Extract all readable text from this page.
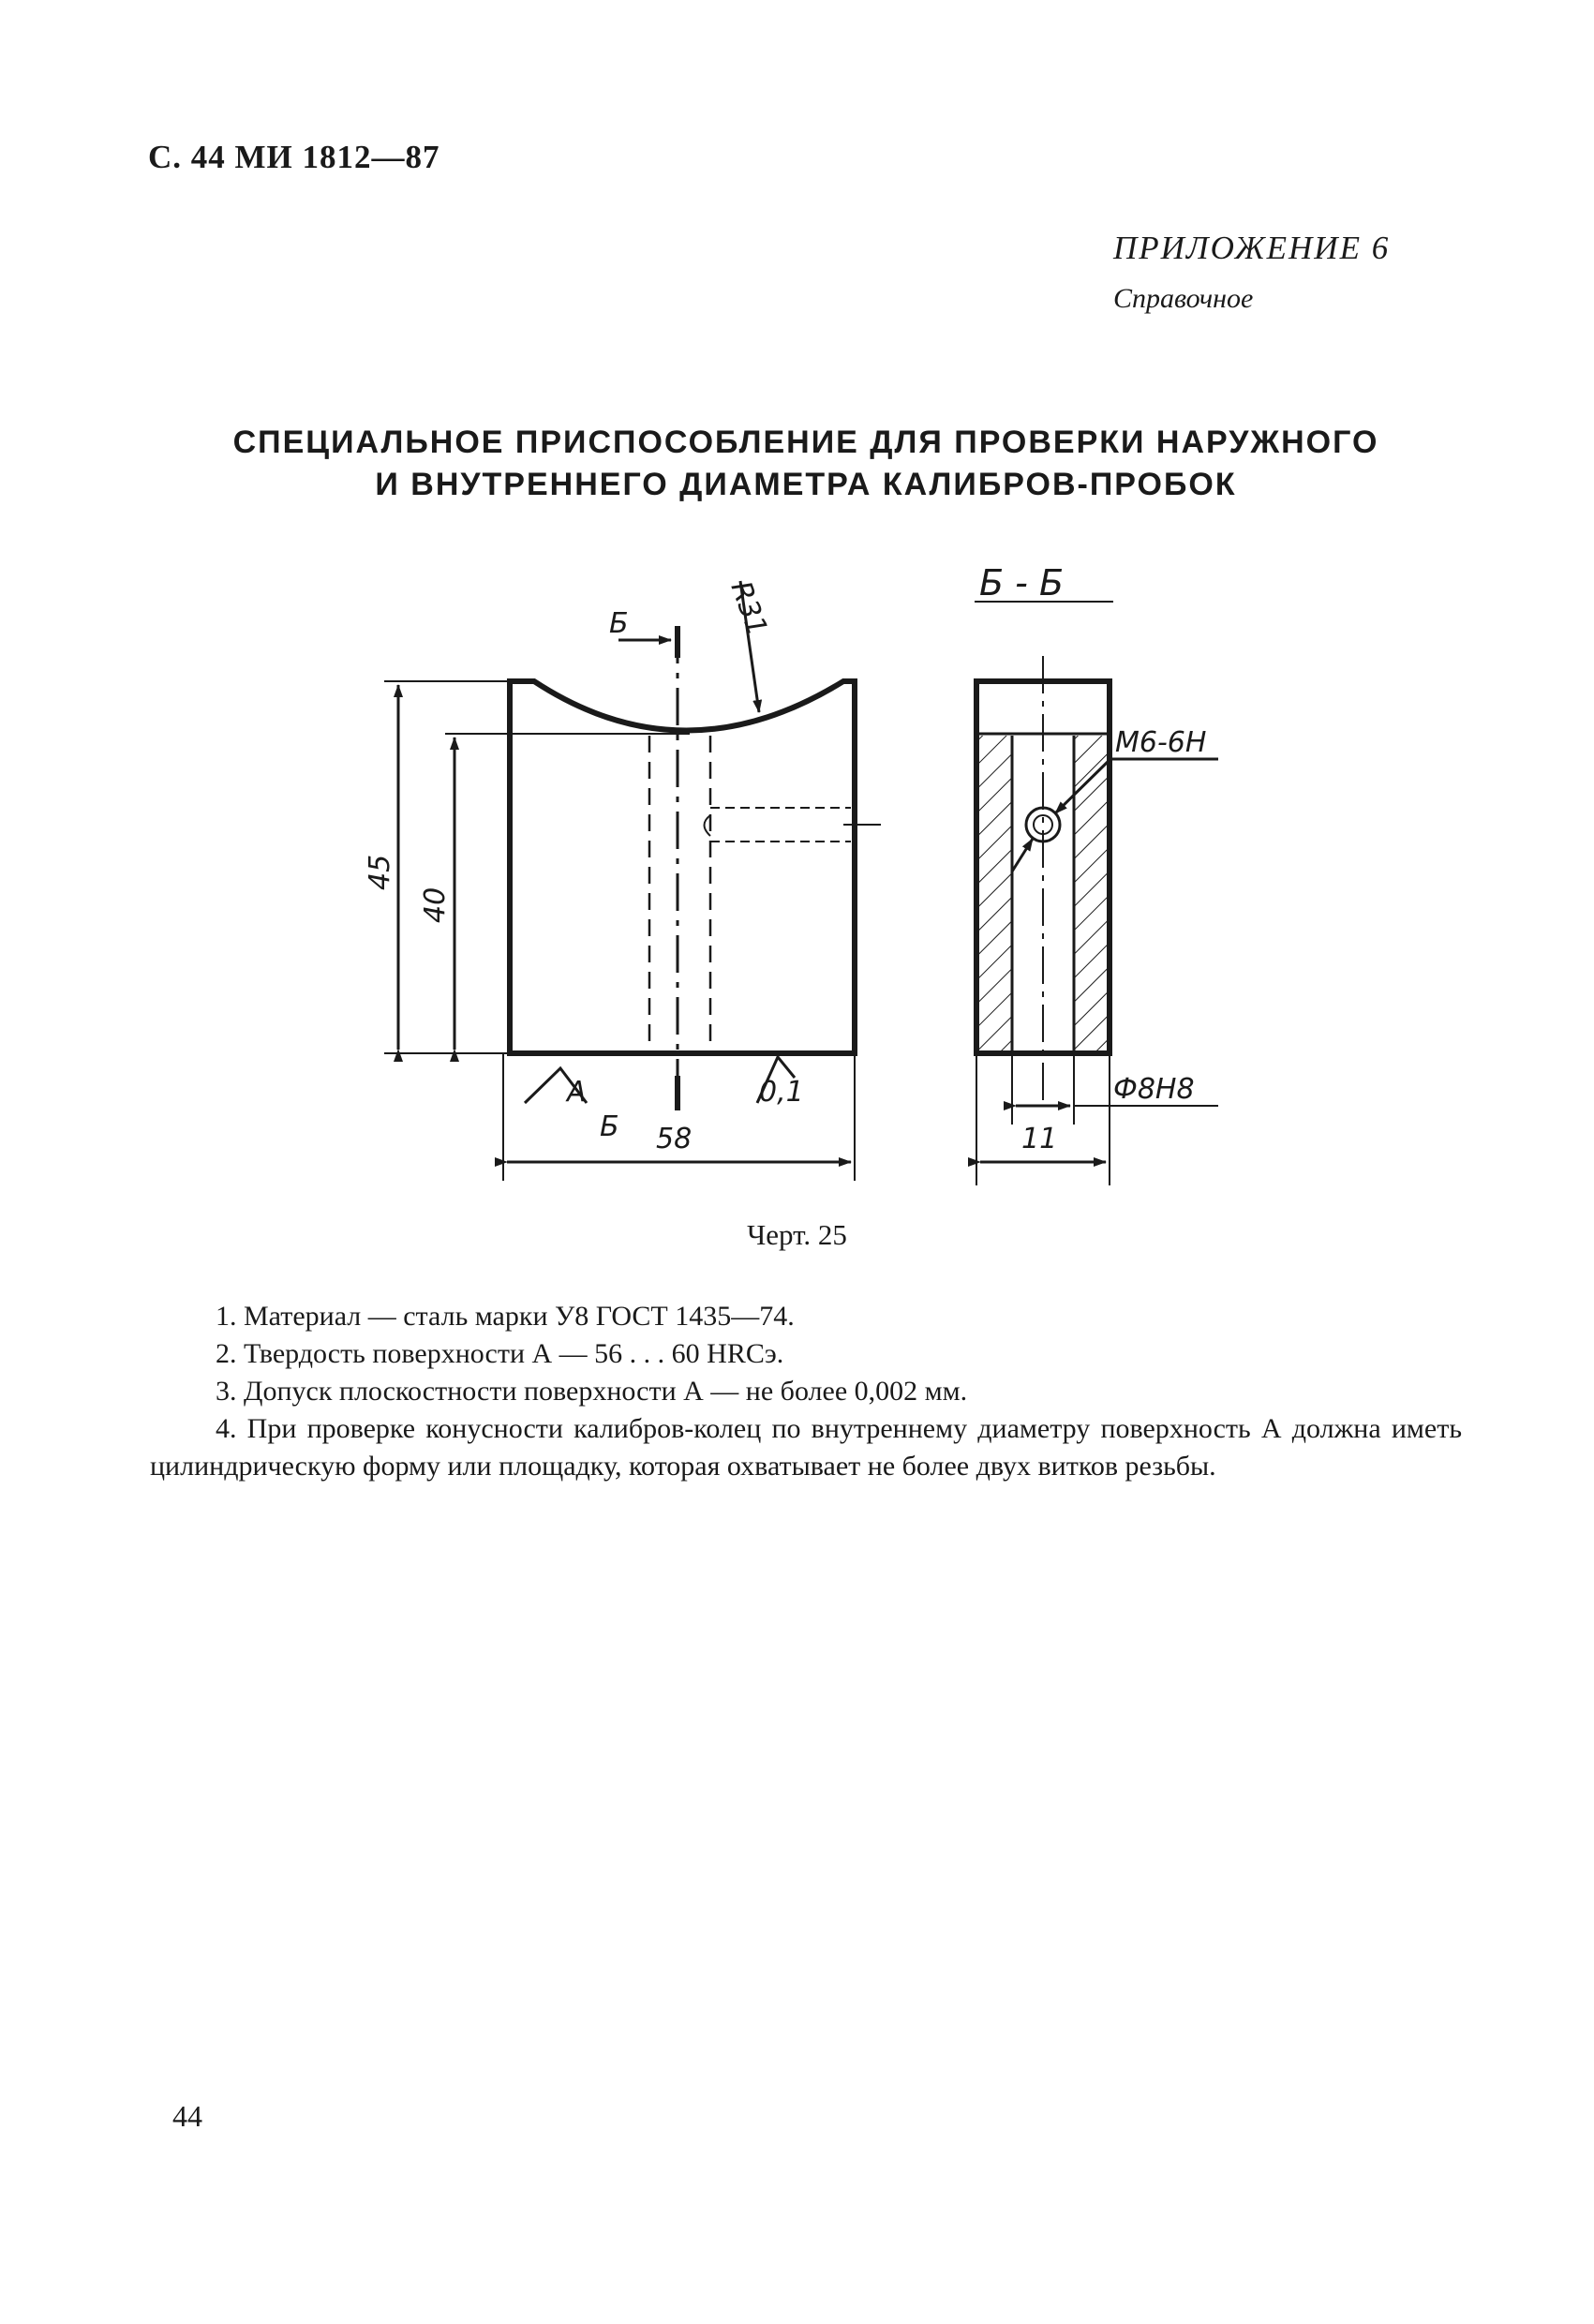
С. 44 МИ 1812—87
ПРИЛОЖЕНИЕ 6
Справочное
СПЕЦИАЛЬНОЕ ПРИСПОСОБЛЕНИЕ ДЛЯ ПРОВЕРКИ НАРУЖНОГО
И ВНУТРЕННЕГО ДИАМЕТРА КАЛИБРОВ-ПРОБОК
Б
Б
R31
45
40
58
А	0,1
Б - Б
М6-6Н
Ф8Н8
11
Черт. 25
1. Материал — сталь марки У8 ГОСТ 1435—74.
2. Твердость поверхности А — 56 . . . 60 HRCэ.
3. Допуск плоскостности поверхности А — не более 0,002 мм.
4. При проверке конусности калибров-колец по внутреннему диаметру поверхность А должна иметь цилиндрическую форму или площадку, которая охватывает не более двух витков резьбы.
44
